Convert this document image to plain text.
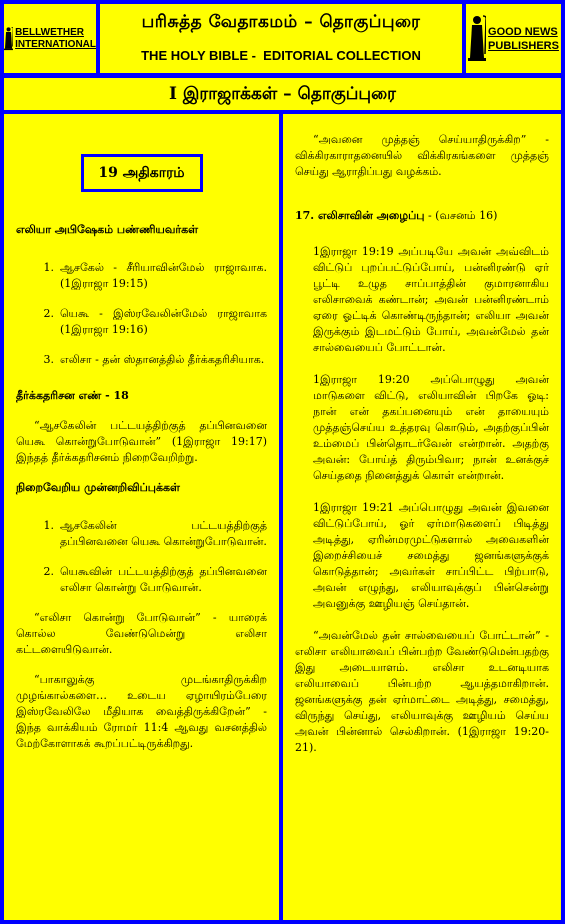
BELLWETHER
INTERNATIONAL
பரிசுத்த வேதாகமம் – தொகுப்புரை
THE HOLY BIBLE -  EDITORIAL COLLECTION
GOOD NEWS
PUBLISHERS
I இராஜாக்கள் – தொகுப்புரை
19 அதிகாரம்

எலியா அபிஷேகம் பண்ணியவர்கள்

1. ஆசகேல் - சீரியாவின்மேல் ராஜாவாக. (1இராஜா 19:15)
2. யெகூ - இஸ்ரவேலின்மேல் ராஜாவாக (1இராஜா 19:16)
3. எலிசா - தன் ஸ்தானத்தில் தீர்க்கதரிசியாக.

தீர்க்கதரிசன எண் - 18

“ஆசகேலின் பட்டயத்திற்குத் தப்பினவனை யெகூ கொன்றுபோடுவான்” (1இராஜா 19:17) இந்தத் தீர்க்கதரிசனம் நிறைவேறிற்று.

நிறைவேறிய முன்னறிவிப்புக்கள்

1. ஆசகேலின் பட்டயத்திற்குத் தப்பினவனை யெகூ கொன்றுபோடுவான்.
2. யெகூவின் பட்டயத்திற்குத் தப்பினவனை எலிசா கொன்று போடுவான்.
“எலிசா கொன்று போடுவான்” - யாரைக் கொல்ல வேண்டுமென்று எலிசா கட்டளையிடுவான்.
“பாகாலுக்கு முடங்காதிருக்கிற முழங்கால்களை… உடைய ஏழாயிரம்பேரை இஸ்ரவேலிலே மீதியாக வைத்திருக்கிறேன்” - இந்த வாக்கியம் ரோமர் 11:4 ஆவது வசனத்தில் மேற்கோளாகக் கூறப்பட்டிருக்கிறது.
“அவனை முத்தஞ் செய்யாதிருக்கிற” - விக்கிரகாராதனையில் விக்கிரகங்களை முத்தஞ் செய்து ஆராதிப்பது வழக்கம்.
17. எலிசாவின் அழைப்பு - (வசனம் 16)
1இராஜா 19:19 அப்படியே அவன் அவ்விடம் விட்டுப் புறப்பட்டுப்போய், பன்னிரண்டு ஏர் பூட்டி உழுத சாப்பாத்தின் குமாரனாகிய எலிசாவைக் கண்டான்; அவன் பன்னிரண்டாம் ஏரை ஓட்டிக் கொண்டிருந்தான்; எலியா அவன் இருக்கும் இடமட்டும் போய், அவன்மேல் தன் சால்வையைப் போட்டான்.
1இராஜா 19:20 அப்பொழுது அவன் மாடுகளை விட்டு, எலியாவின் பிறகே ஓடி: நான் என் தகப்பனையும் என் தாயையும் முத்தஞ்செய்ய உத்தரவு கொடும், அதற்குப்பின் உம்மைப் பின்தொடர்வேன் என்றான். அதற்கு அவன்: போய்த் திரும்பிவா; நான் உனக்குச் செய்ததை நினைத்துக் கொள் என்றான்.
1இராஜா 19:21 அப்பொழுது அவன் இவனை விட்டுப்போய், ஓர் ஏர்மாடுகளைப் பிடித்து அடித்து, ஏரின்மரமுட்டுகளால் அவைகளின் இறைச்சியைச் சமைத்து ஜனங்களுக்குக் கொடுத்தான்; அவர்கள் சாப்பிட்ட பிற்பாடு, அவன் எழுந்து, எலியாவுக்குப் பின்சென்று அவனுக்கு ஊழியஞ் செய்தான்.
“அவன்மேல் தன் சால்வையைப் போட்டான்” - எலிசா எலியாவைப் பின்பற்ற வேண்டுமென்பதற்கு இது அடையாளம். எலிசா உடனடியாக எலியாவைப் பின்பற்ற ஆயத்தமாகிறான். ஜனங்களுக்கு தன் ஏர்மாட்டை அடித்து, சமைத்து, விருந்து செய்து, எலியாவுக்கு ஊழியம் செய்ய அவன் பின்னால் செல்கிறான். (1இராஜா 19:20-21).
